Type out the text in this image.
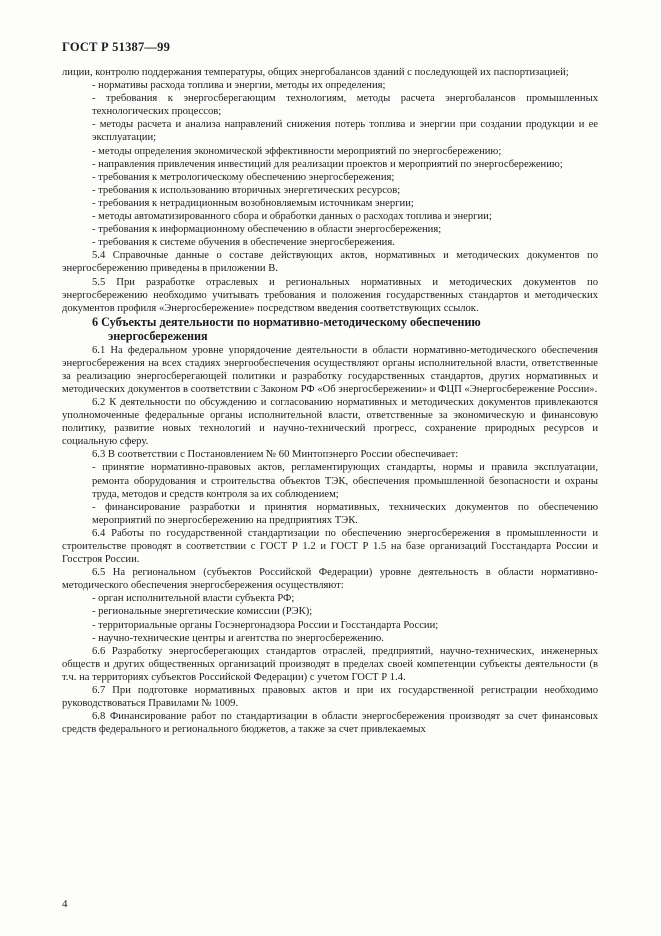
ГОСТ Р 51387—99

лиции, контролю поддержания температуры, общих энергобалансов зданий с последующей их паспортизацией;

- нормативы расхода топлива и энергии, методы их определения;

- требования к энергосберегающим технологиям, методы расчета энергобалансов промышленных технологических процессов;

- методы расчета и анализа направлений снижения потерь топлива и энергии при создании продукции и ее эксплуатации;

- методы определения экономической эффективности мероприятий по энергосбережению;

- направления привлечения инвестиций для реализации проектов и мероприятий по энергосбережению;

- требования к метрологическому обеспечению энергосбережения;

- требования к использованию вторичных энергетических ресурсов;

- требования к нетрадиционным возобновляемым источникам энергии;

- методы автоматизированного сбора и обработки данных о расходах топлива и энергии;

- требования к информационному обеспечению в области энергосбережения;

- требования к системе обучения в обеспечение энергосбережения.

5.4 Справочные данные о составе действующих актов, нормативных и методических документов по энергосбережению приведены в приложении В.

5.5 При разработке отраслевых и региональных нормативных и методических документов по энергосбережению необходимо учитывать требования и положения государственных стандартов и методических документов профиля «Энергосбережение» посредством введения соответствующих ссылок.

6 Субъекты деятельности по нормативно-методическому обеспечению
энергосбережения

6.1 На федеральном уровне упорядочение деятельности в области нормативно-методического обеспечения энергосбережения на всех стадиях энергообеспечения осуществляют органы исполнительной власти, ответственные за реализацию энергосберегающей политики и разработку государственных стандартов, других нормативных и методических документов в соответствии с Законом РФ «Об энергосбережении» и ФЦП «Энергосбережение России».

6.2 К деятельности по обсуждению и согласованию нормативных и методических документов привлекаются уполномоченные федеральные органы исполнительной власти, ответственные за экономическую и финансовую политику, развитие новых технологий и научно-технический прогресс, сохранение природных ресурсов и социальную сферу.

6.3 В соответствии с Постановлением № 60 Минтопэнерго России обеспечивает:

- принятие нормативно-правовых актов, регламентирующих стандарты, нормы и правила эксплуатации, ремонта оборудования и строительства объектов ТЭК, обеспечения промышленной безопасности и охраны труда, методов и средств контроля за их соблюдением;

- финансирование разработки и принятия нормативных, технических документов по обеспечению мероприятий по энергосбережению на предприятиях ТЭК.

6.4 Работы по государственной стандартизации по обеспечению энергосбережения в промышленности и строительстве проводят в соответствии с ГОСТ Р 1.2 и ГОСТ Р 1.5 на базе организаций Госстандарта России и Госстроя России.

6.5 На региональном (субъектов Российской Федерации) уровне деятельность в области нормативно-методического обеспечения энергосбережения осуществляют:

- орган исполнительной власти субъекта РФ;

- региональные энергетические комиссии (РЭК);

- территориальные органы Госэнергонадзора России и Госстандарта России;

- научно-технические центры и агентства по энергосбережению.

6.6 Разработку энергосберегающих стандартов отраслей, предприятий, научно-технических, инженерных обществ и других общественных организаций производят в пределах своей компетенции субъекты деятельности (в т.ч. на территориях субъектов Российской Федерации) с учетом ГОСТ Р 1.4.

6.7 При подготовке нормативных правовых актов и при их государственной регистрации необходимо руководствоваться Правилами № 1009.

6.8 Финансирование работ по стандартизации в области энергосбережения производят за счет финансовых средств федерального и регионального бюджетов, а также за счет привлекаемых

4
